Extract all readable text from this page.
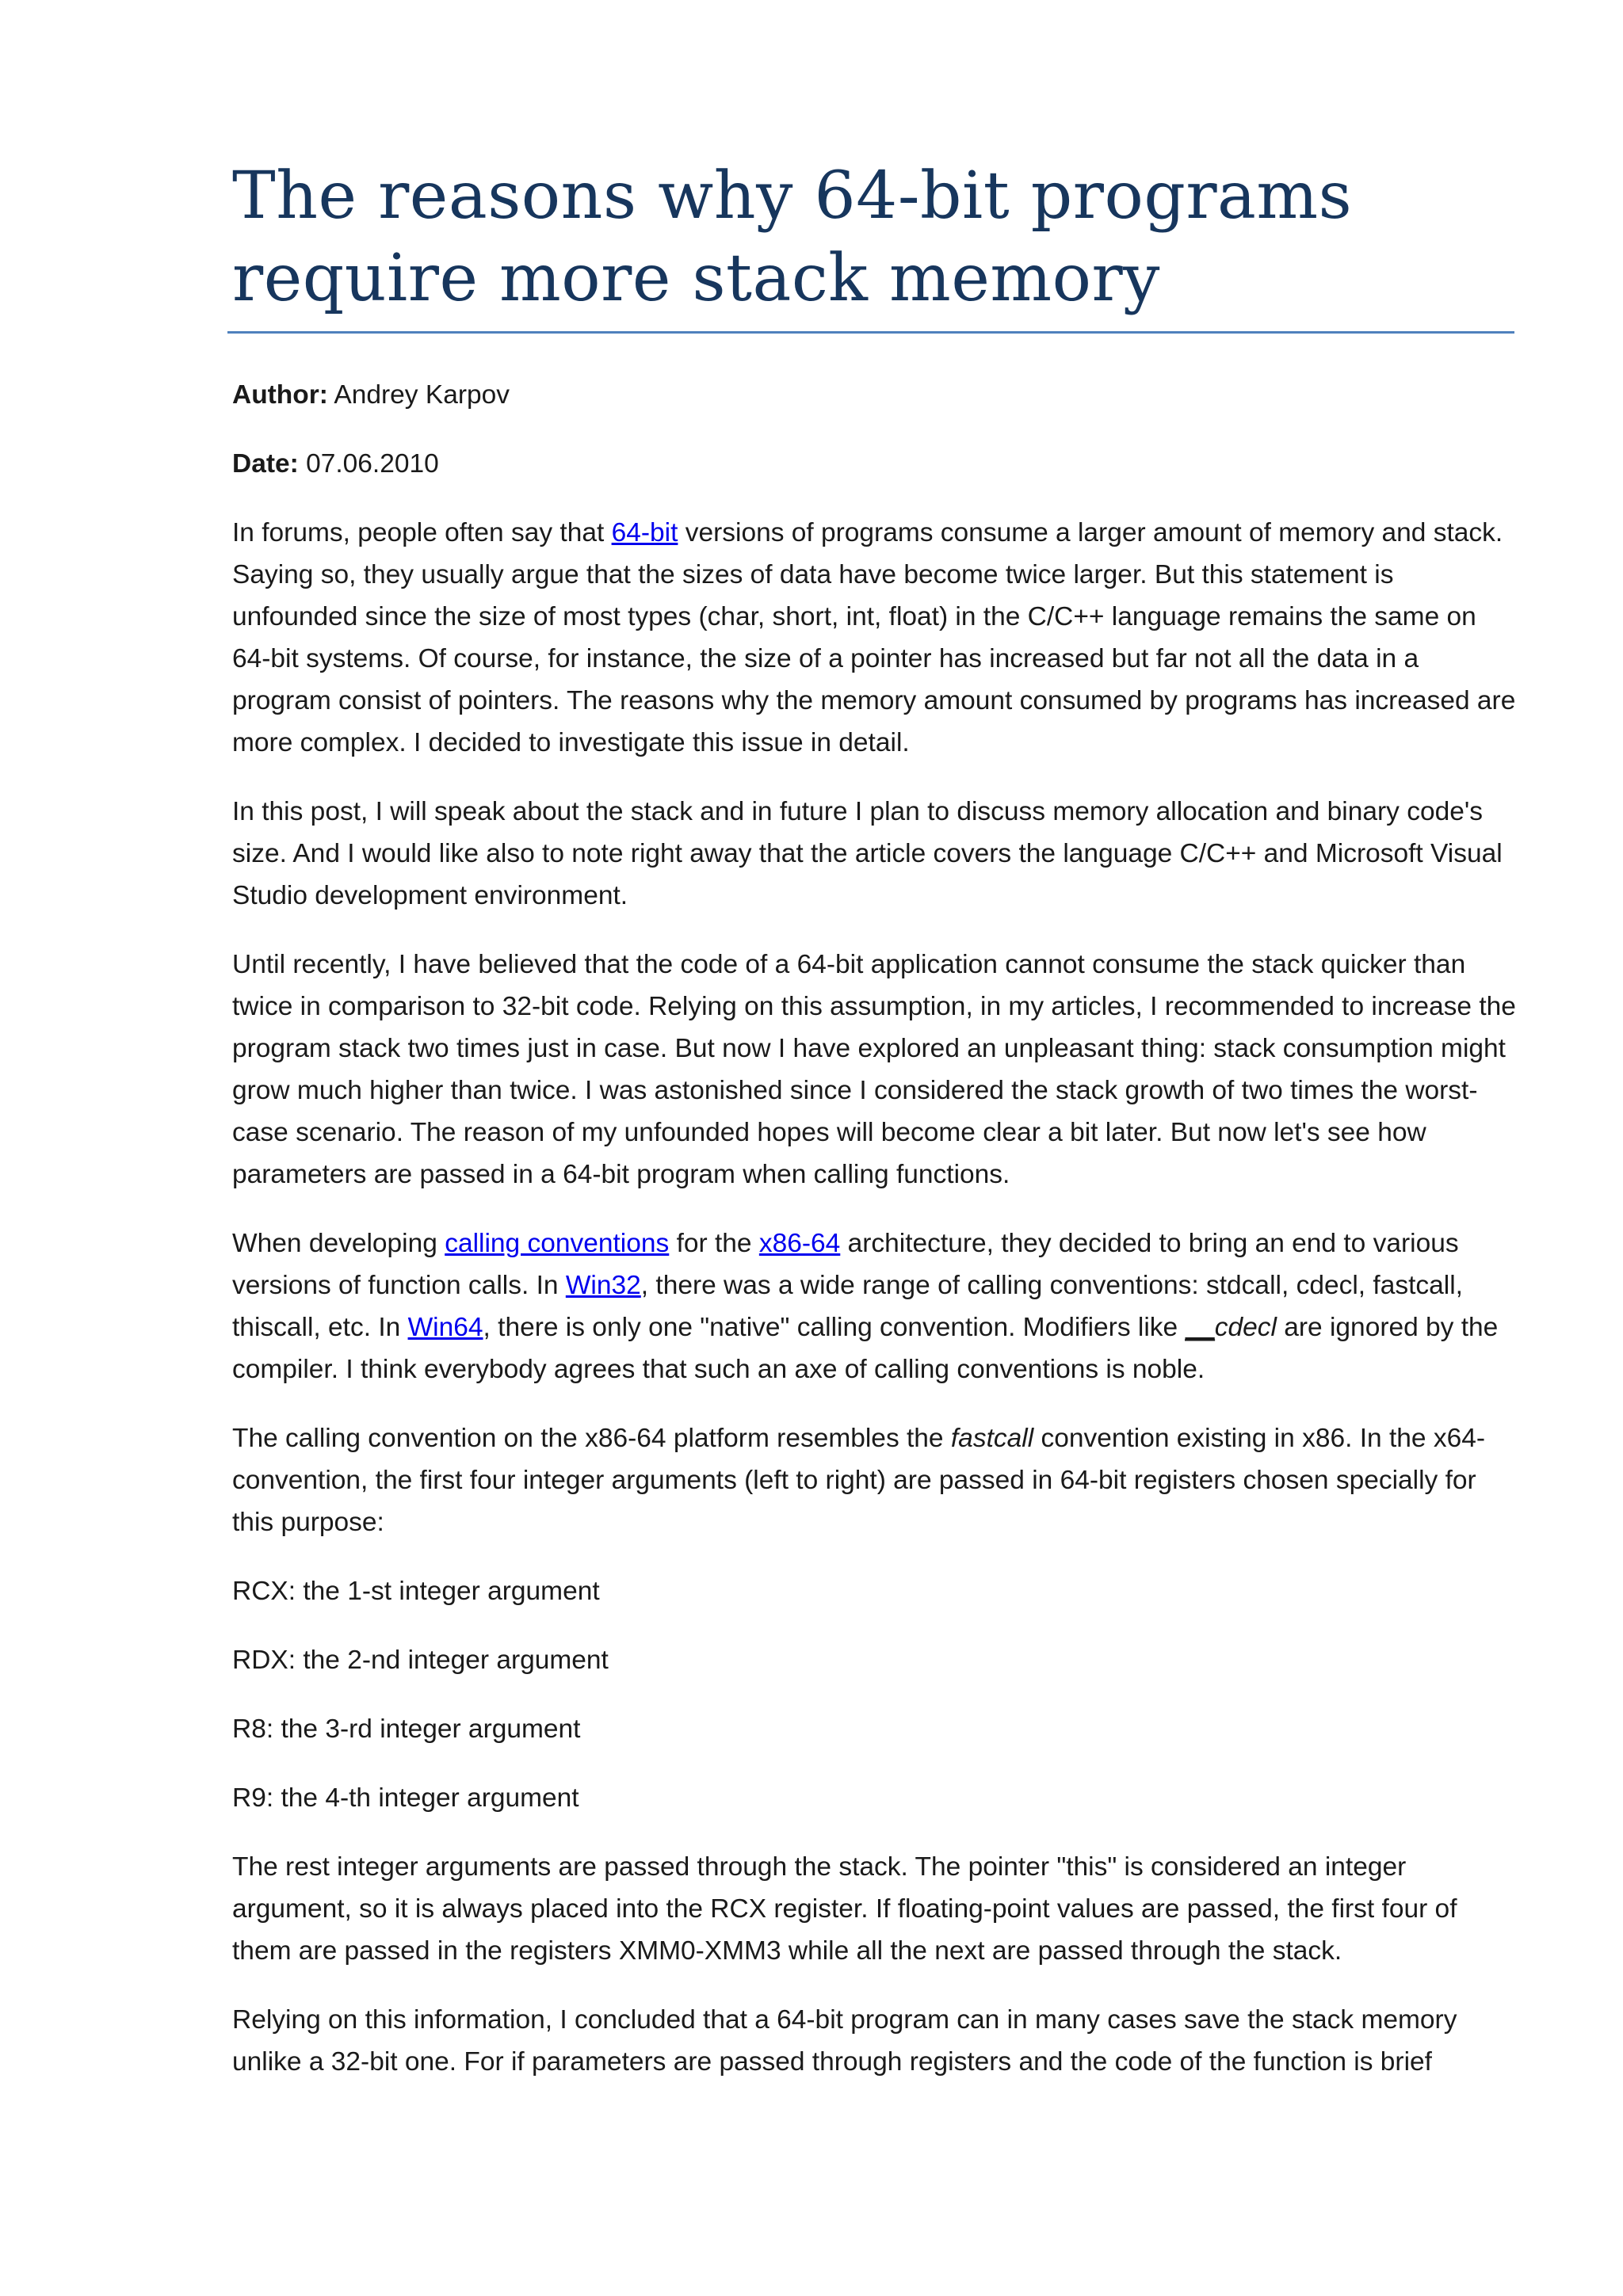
The reasons why 64-bit programs
require more stack memory

Author: Andrey Karpov

Date: 07.06.2010

In forums, people often say that 64-bit versions of programs consume a larger amount of memory and stack. Saying so, they usually argue that the sizes of data have become twice larger. But this statement is unfounded since the size of most types (char, short, int, float) in the C/C++ language remains the same on 64-bit systems. Of course, for instance, the size of a pointer has increased but far not all the data in a program consist of pointers. The reasons why the memory amount consumed by programs has increased are more complex. I decided to investigate this issue in detail.

In this post, I will speak about the stack and in future I plan to discuss memory allocation and binary code's size. And I would like also to note right away that the article covers the language C/C++ and Microsoft Visual Studio development environment.

Until recently, I have believed that the code of a 64-bit application cannot consume the stack quicker than twice in comparison to 32-bit code. Relying on this assumption, in my articles, I recommended to increase the program stack two times just in case. But now I have explored an unpleasant thing: stack consumption might grow much higher than twice. I was astonished since I considered the stack growth of two times the worst-case scenario. The reason of my unfounded hopes will become clear a bit later. But now let's see how parameters are passed in a 64-bit program when calling functions.

When developing calling conventions for the x86-64 architecture, they decided to bring an end to various versions of function calls. In Win32, there was a wide range of calling conventions: stdcall, cdecl, fastcall, thiscall, etc. In Win64, there is only one "native" calling convention. Modifiers like __cdecl are ignored by the compiler. I think everybody agrees that such an axe of calling conventions is noble.

The calling convention on the x86-64 platform resembles the fastcall convention existing in x86. In the x64-convention, the first four integer arguments (left to right) are passed in 64-bit registers chosen specially for this purpose:

RCX: the 1-st integer argument

RDX: the 2-nd integer argument

R8: the 3-rd integer argument

R9: the 4-th integer argument

The rest integer arguments are passed through the stack. The pointer "this" is considered an integer argument, so it is always placed into the RCX register. If floating-point values are passed, the first four of them are passed in the registers XMM0-XMM3 while all the next are passed through the stack.

Relying on this information, I concluded that a 64-bit program can in many cases save the stack memory unlike a 32-bit one. For if parameters are passed through registers and the code of the function is brief
